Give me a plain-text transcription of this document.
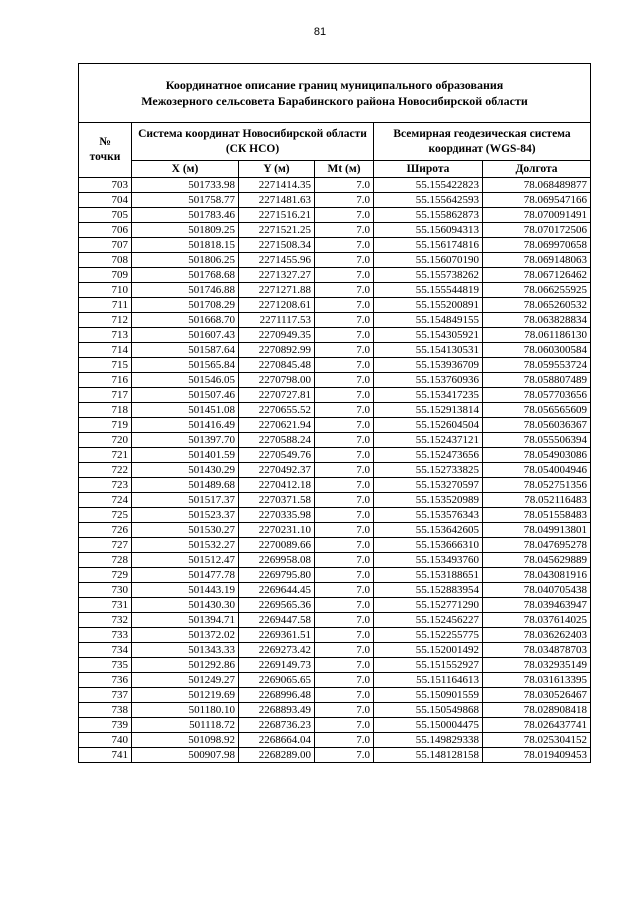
81
Координатное описание границ муниципального образования
Межозерного сельсовета Барабинского района Новосибирской области					

№
точки	Система координат Новосибирской области (СК НСО)			Всемирная геодезическая система координат (WGS-84)	
	X (м)	Y (м)	Mt (м)	Широта	Долгота
703	501733.98	2271414.35	7.0	55.155422823	78.068489877
704	501758.77	2271481.63	7.0	55.155642593	78.069547166
705	501783.46	2271516.21	7.0	55.155862873	78.070091491
706	501809.25	2271521.25	7.0	55.156094313	78.070172506
707	501818.15	2271508.34	7.0	55.156174816	78.069970658
708	501806.25	2271455.96	7.0	55.156070190	78.069148063
709	501768.68	2271327.27	7.0	55.155738262	78.067126462
710	501746.88	2271271.88	7.0	55.155544819	78.066255925
711	501708.29	2271208.61	7.0	55.155200891	78.065260532
712	501668.70	2271117.53	7.0	55.154849155	78.063828834
713	501607.43	2270949.35	7.0	55.154305921	78.061186130
714	501587.64	2270892.99	7.0	55.154130531	78.060300584
715	501565.84	2270845.48	7.0	55.153936709	78.059553724
716	501546.05	2270798.00	7.0	55.153760936	78.058807489
717	501507.46	2270727.81	7.0	55.153417235	78.057703656
718	501451.08	2270655.52	7.0	55.152913814	78.056565609
719	501416.49	2270621.94	7.0	55.152604504	78.056036367
720	501397.70	2270588.24	7.0	55.152437121	78.055506394
721	501401.59	2270549.76	7.0	55.152473656	78.054903086
722	501430.29	2270492.37	7.0	55.152733825	78.054004946
723	501489.68	2270412.18	7.0	55.153270597	78.052751356
724	501517.37	2270371.58	7.0	55.153520989	78.052116483
725	501523.37	2270335.98	7.0	55.153576343	78.051558483
726	501530.27	2270231.10	7.0	55.153642605	78.049913801
727	501532.27	2270089.66	7.0	55.153666310	78.047695278
728	501512.47	2269958.08	7.0	55.153493760	78.045629889
729	501477.78	2269795.80	7.0	55.153188651	78.043081916
730	501443.19	2269644.45	7.0	55.152883954	78.040705438
731	501430.30	2269565.36	7.0	55.152771290	78.039463947
732	501394.71	2269447.58	7.0	55.152456227	78.037614025
733	501372.02	2269361.51	7.0	55.152255775	78.036262403
734	501343.33	2269273.42	7.0	55.152001492	78.034878703
735	501292.86	2269149.73	7.0	55.151552927	78.032935149
736	501249.27	2269065.65	7.0	55.151164613	78.031613395
737	501219.69	2268996.48	7.0	55.150901559	78.030526467
738	501180.10	2268893.49	7.0	55.150549868	78.028908418
739	501118.72	2268736.23	7.0	55.150004475	78.026437741
740	501098.92	2268664.04	7.0	55.149829338	78.025304152
741	500907.98	2268289.00	7.0	55.148128158	78.019409453
